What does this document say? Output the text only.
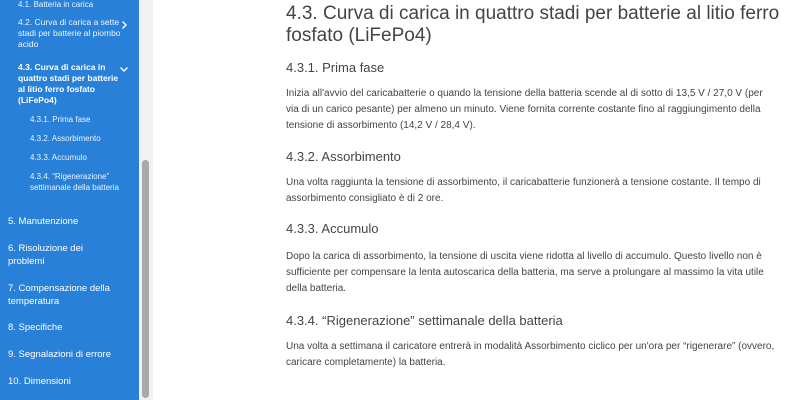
4.1. Batteria in carica
4.2. Curva di carica a sette stadi per batterie al piombo acido
4.3. Curva di carica in quattro stadi per batterie al litio ferro fosfato (LiFePo4)
4.3.1. Prima fase
4.3.2. Assorbimento
4.3.3. Accumulo
4.3.4. “Rigenerazione” settimanale della batteria
5. Manutenzione
6. Risoluzione dei problemi
7. Compensazione della temperatura
8. Specifiche
9. Segnalazioni di errore
10. Dimensioni
4.3. Curva di carica in quattro stadi per batterie al litio ferro fosfato (LiFePo4)
4.3.1. Prima fase

Inizia all'avvio del caricabatterie o quando la tensione della batteria scende al di sotto di 13,5 V / 27,0 V (per via di un carico pesante) per almeno un minuto. Viene fornita corrente costante fino al raggiungimento della tensione di assorbimento (14,2 V / 28,4 V).

4.3.2. Assorbimento

Una volta raggiunta la tensione di assorbimento, il caricabatterie funzionerà a tensione costante. Il tempo di assorbimento consigliato è di 2 ore.

4.3.3. Accumulo

Dopo la carica di assorbimento, la tensione di uscita viene ridotta al livello di accumulo. Questo livello non è sufficiente per compensare la lenta autoscarica della batteria, ma serve a prolungare al massimo la vita utile della batteria.

4.3.4. “Rigenerazione” settimanale della batteria

Una volta a settimana il caricatore entrerà in modalità Assorbimento ciclico per un'ora per “rigenerare” (ovvero, caricare completamente) la batteria.
